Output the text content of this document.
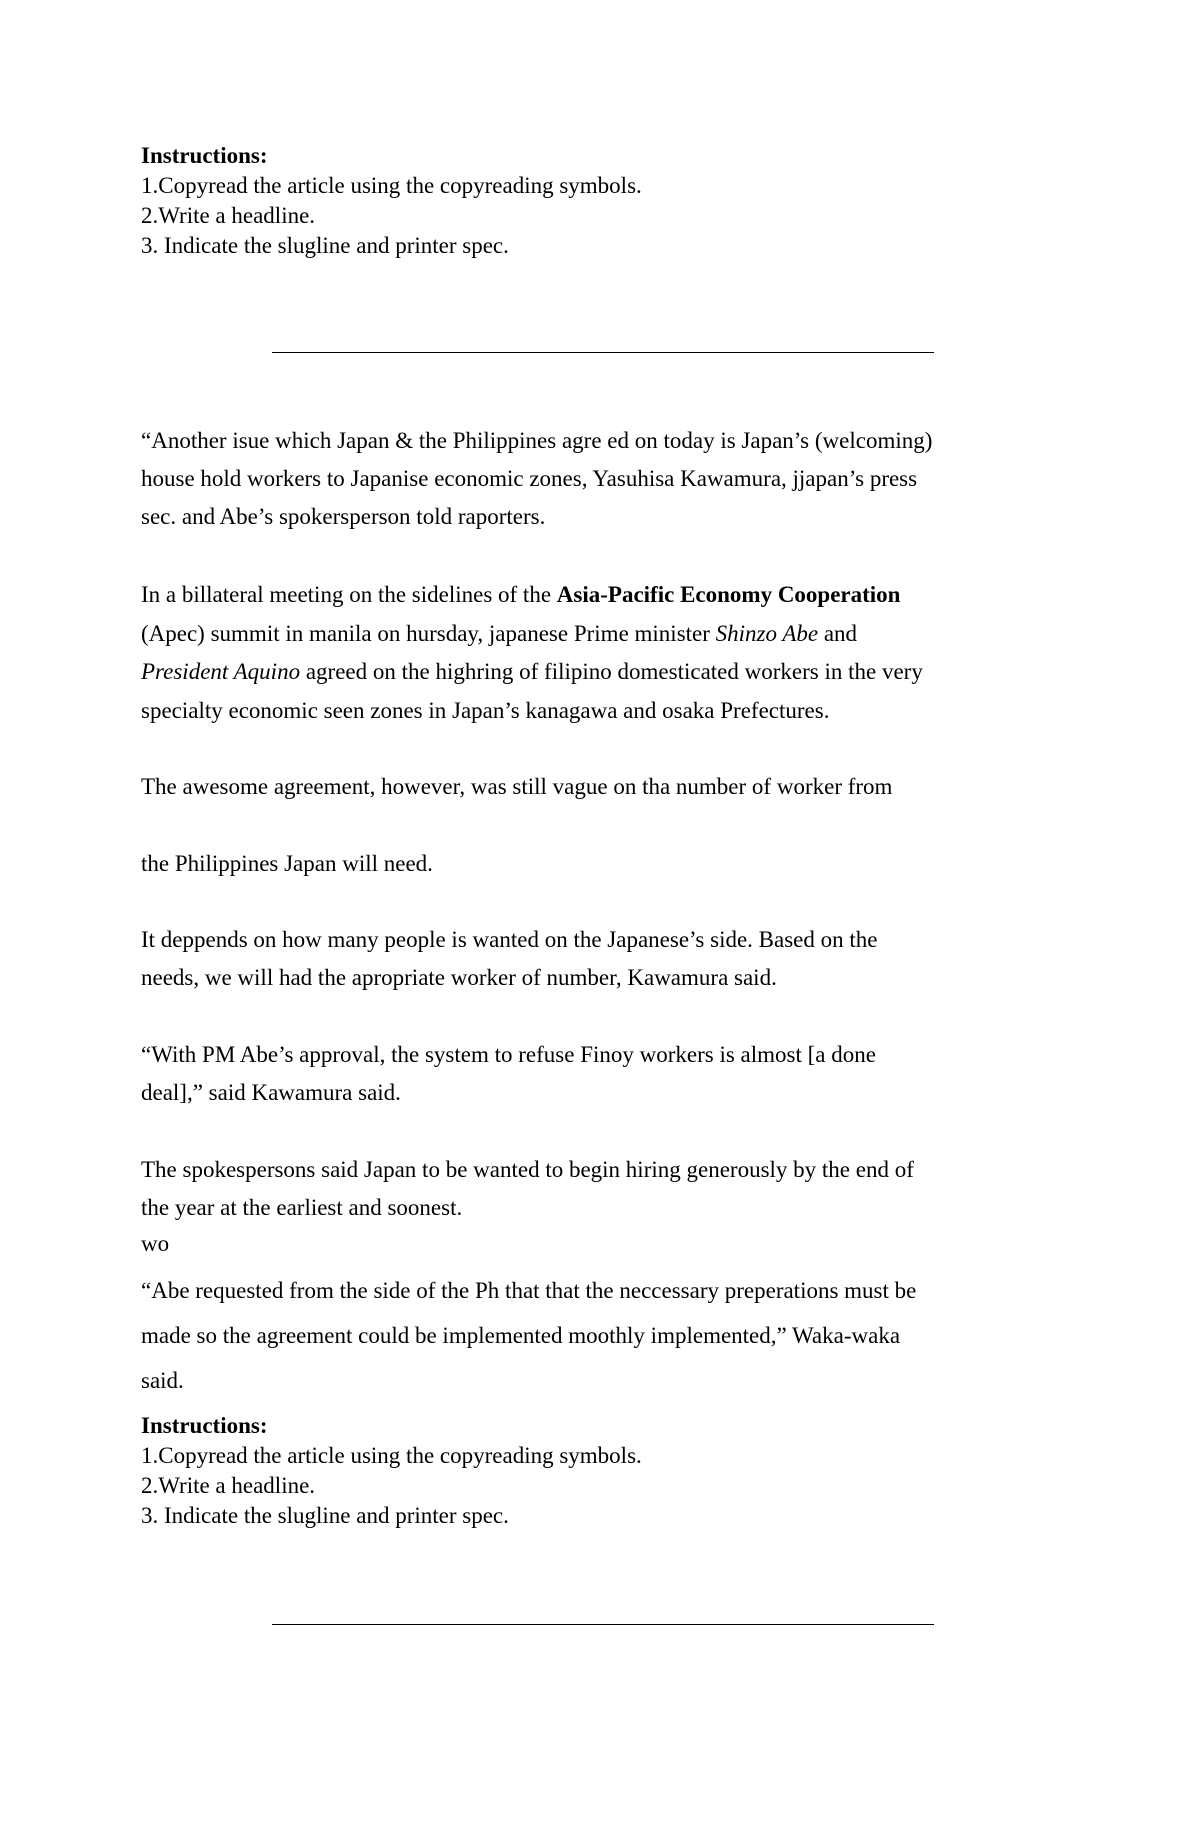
Instructions:
1.Copyread the article using the copyreading symbols.
2.Write a headline.
3. Indicate the slugline and printer spec.
“Another isue which Japan & the Philippines agre ed on today is Japan’s (welcoming)
house hold workers to Japanise economic zones, Yasuhisa Kawamura, jjapan’s press
sec. and Abe’s spokersperson told raporters.
In a billateral meeting on the sidelines of the Asia-Pacific Economy Cooperation
(Apec) summit in manila on hursday, japanese Prime minister Shinzo Abe and
President Aquino agreed on the highring of filipino domesticated workers in the very
specialty economic seen zones in Japan’s kanagawa and osaka Prefectures.
The awesome agreement, however, was still vague on tha number of worker from
the Philippines Japan will need.
It deppends on how many people is wanted on the Japanese’s side. Based on the
needs, we will had the apropriate worker of number, Kawamura said.
“With PM Abe’s approval, the system to refuse Finoy workers is almost [a done
deal],” said Kawamura said.
The spokespersons said Japan to be wanted to begin hiring generously by the end of
the year at the earliest and soonest.
wo
“Abe requested from the side of the Ph that that the neccessary preperations must be
made so the agreement could be implemented moothly implemented,” Waka-waka
said.
Instructions:
1.Copyread the article using the copyreading symbols.
2.Write a headline.
3. Indicate the slugline and printer spec.
